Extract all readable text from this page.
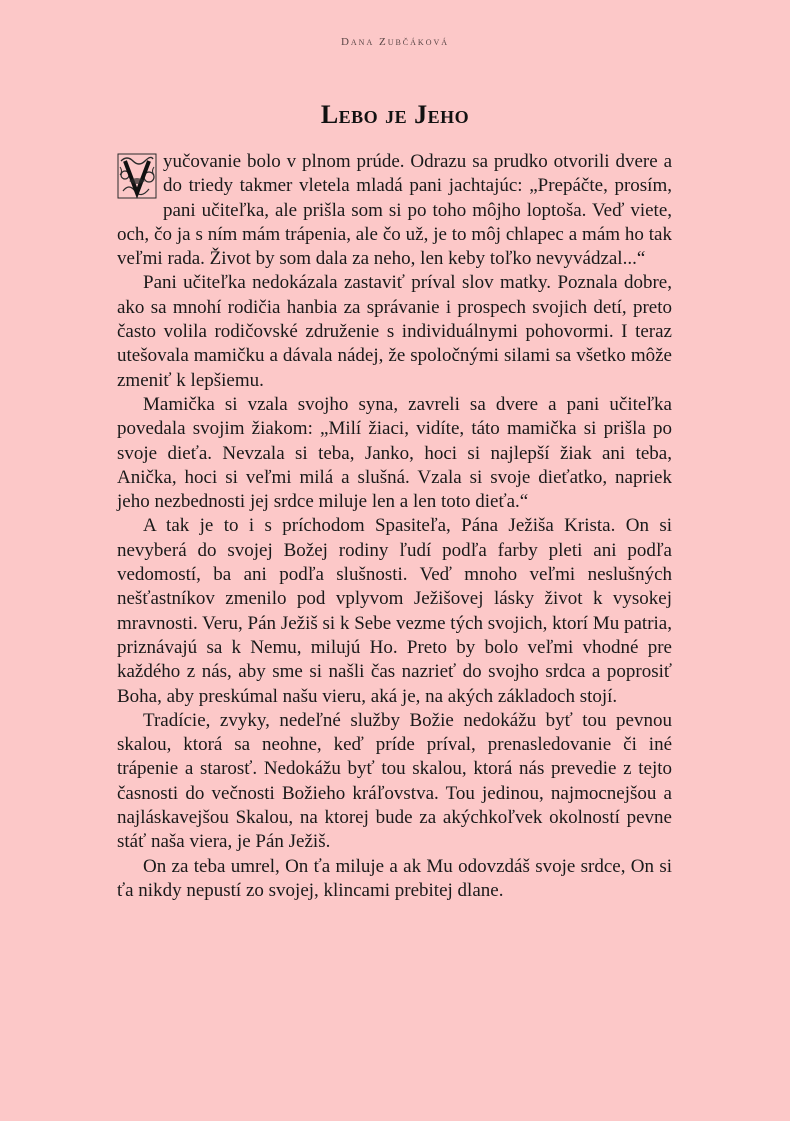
Dana Zubčáková
Lebo je Jeho

yučovanie bolo v plnom prúde. Odrazu sa prudko otvorili dvere a do triedy takmer vletela mladá pani jachtajúc: „Prepáčte, prosím, pani učiteľka, ale prišla som si po toho môjho loptoša. Veď viete, och, čo ja s ním mám trápenia, ale čo už, je to môj chlapec a mám ho tak veľmi rada. Život by som dala za neho, len keby toľko nevyvádzal...“

Pani učiteľka nedokázala zastaviť príval slov matky. Poznala dobre, ako sa mnohí rodičia hanbia za správanie i prospech svojich detí, preto často volila rodičovské združenie s individuálnymi pohovormi. I teraz utešovala mamičku a dávala nádej, že spoločnými silami sa všetko môže zmeniť k lepšiemu.

Mamička si vzala svojho syna, zavreli sa dvere a pani učiteľka povedala svojim žiakom: „Milí žiaci, vidíte, táto mamička si prišla po svoje dieťa. Nevzala si teba, Janko, hoci si najlepší žiak ani teba, Anička, hoci si veľmi milá a slušná. Vzala si svoje dieťatko, napriek jeho nezbednosti jej srdce miluje len a len toto dieťa.“

A tak je to i s príchodom Spasiteľa, Pána Ježiša Krista. On si nevyberá do svojej Božej rodiny ľudí podľa farby pleti ani podľa vedomostí, ba ani podľa slušnosti. Veď mnoho veľmi neslušných nešťastníkov zmenilo pod vplyvom Ježišovej lásky život k vysokej mravnosti. Veru, Pán Ježiš si k Sebe vezme tých svojich, ktorí Mu patria, priznávajú sa k Nemu, milujú Ho. Preto by bolo veľmi vhodné pre každého z nás, aby sme si našli čas nazrieť do svojho srdca a poprosiť Boha, aby preskúmal našu vieru, aká je, na akých základoch stojí.

Tradície, zvyky, nedeľné služby Božie nedokážu byť tou pevnou skalou, ktorá sa neohne, keď príde príval, prenasledovanie či iné trápenie a starosť. Nedokážu byť tou skalou, ktorá nás prevedie z tejto časnosti do večnosti Božieho kráľovstva. Tou jedinou, najmocnejšou a najláskavejšou Skalou, na ktorej bude za akýchkoľvek okolností pevne stáť naša viera, je Pán Ježiš.

On za teba umrel, On ťa miluje a ak Mu odovzdáš svoje srdce, On si ťa nikdy nepustí zo svojej, klincami prebitej dlane.
